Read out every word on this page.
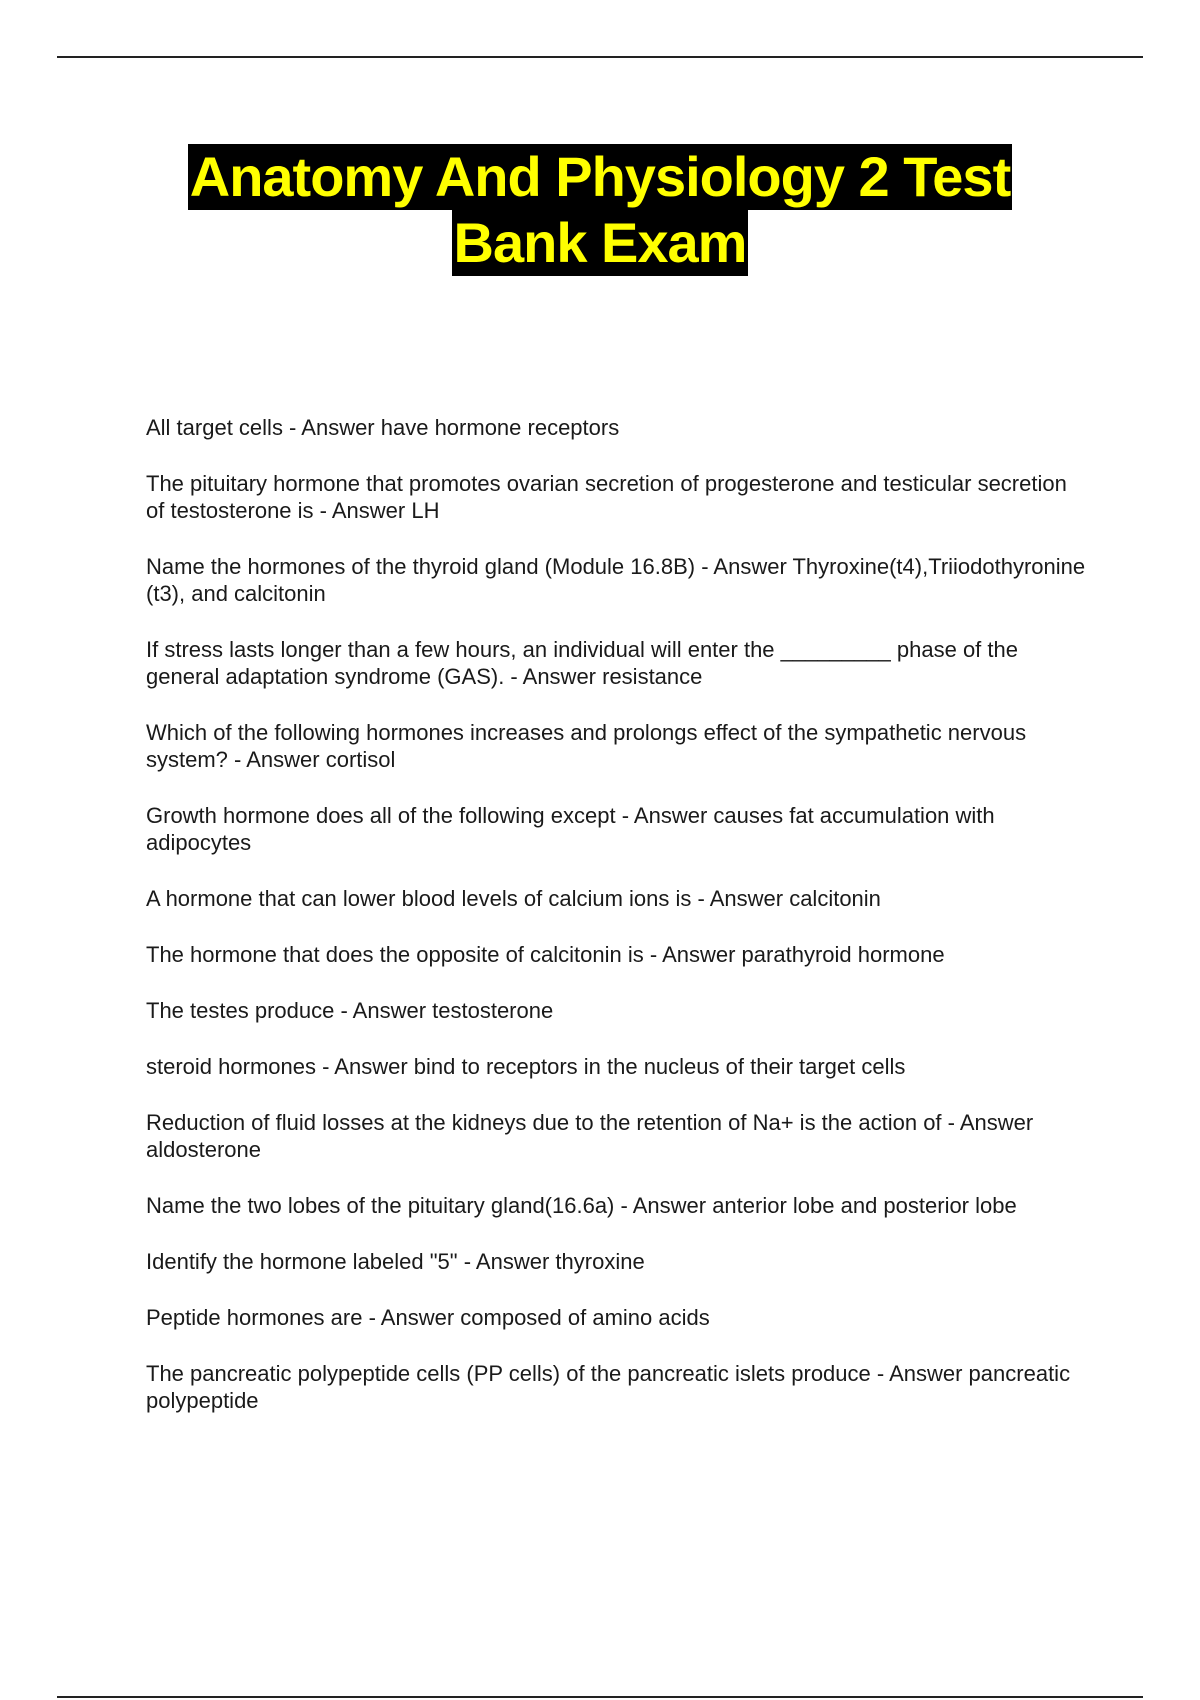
Anatomy And Physiology 2 Test
Bank Exam
All target cells - Answer have hormone receptors
The pituitary hormone that promotes ovarian secretion of progesterone and testicular secretion of testosterone is - Answer LH
Name the hormones of the thyroid gland (Module 16.8B) - Answer Thyroxine(t4),Triiodothyronine (t3), and calcitonin
If stress lasts longer than a few hours, an individual will enter the _________ phase of the general adaptation syndrome (GAS). - Answer resistance
Which of the following hormones increases and prolongs effect of the sympathetic nervous system? - Answer cortisol
Growth hormone does all of the following except - Answer causes fat accumulation with adipocytes
A hormone that can lower blood levels of calcium ions is - Answer calcitonin
The hormone that does the opposite of calcitonin is - Answer parathyroid hormone
The testes produce - Answer testosterone
steroid hormones - Answer bind to receptors in the nucleus of their target cells
Reduction of fluid losses at the kidneys due to the retention of Na+ is the action of - Answer aldosterone
Name the two lobes of the pituitary gland(16.6a) - Answer anterior lobe and posterior lobe
Identify the hormone labeled "5" - Answer thyroxine
Peptide hormones are - Answer composed of amino acids
The pancreatic polypeptide cells (PP cells) of the pancreatic islets produce - Answer pancreatic polypeptide
